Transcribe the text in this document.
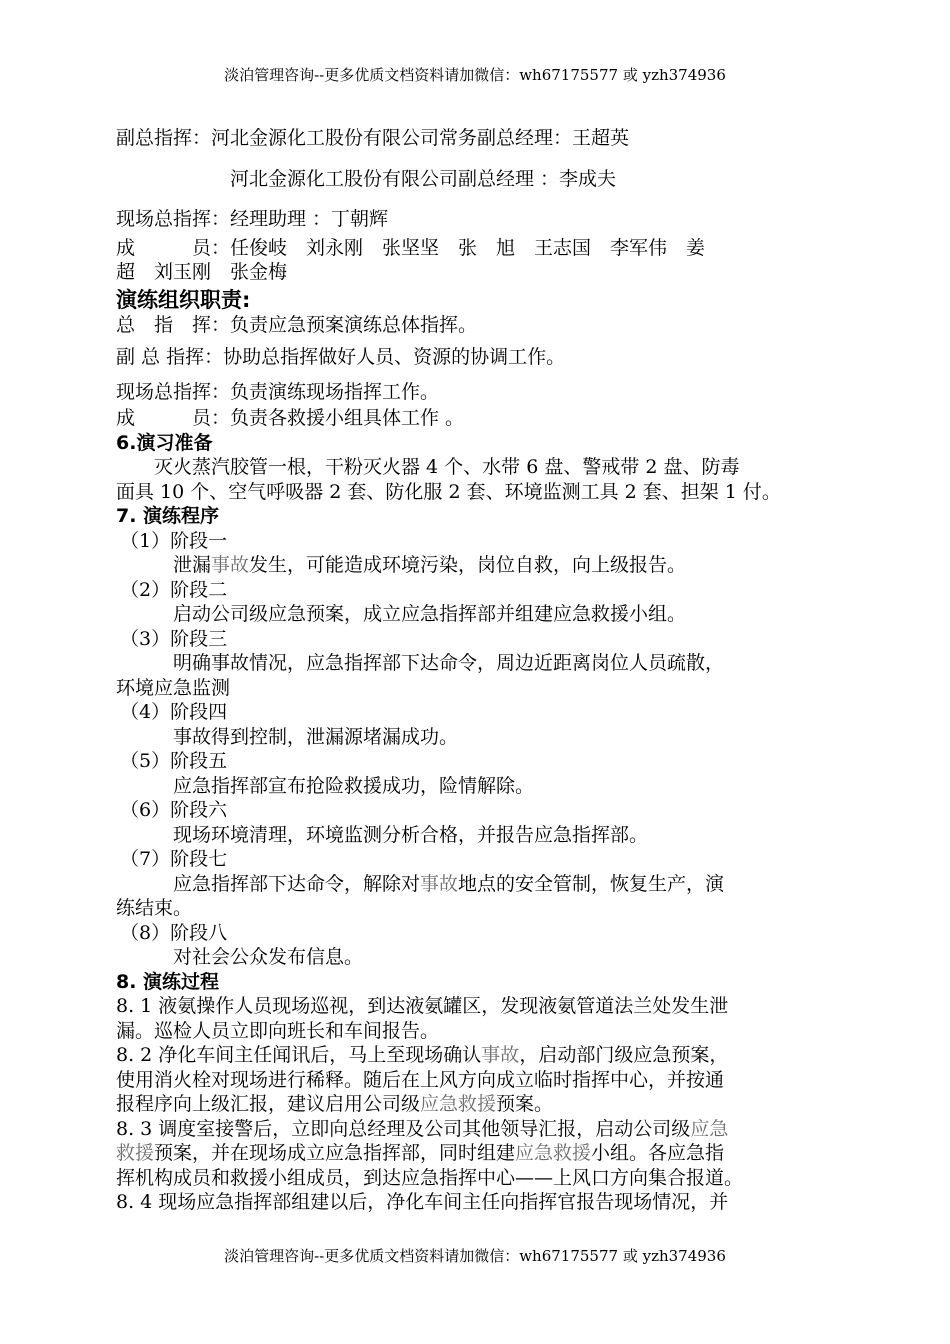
淡泊管理咨询--更多优质文档资料请加微信：wh67175577 或 yzh374936
副总指挥：河北金源化工股份有限公司常务副总经理：王超英
河北金源化工股份有限公司副总经理 ：李成夫
现场总指挥：经理助理 ：丁朝辉
成　　　员：任俊岐　刘永刚　张坚坚　张　旭　王志国　李军伟　姜
超　刘玉刚　张金梅
演练组织职责:
总　指　挥：负责应急预案演练总体指挥。
副 总 指挥：协助总指挥做好人员、资源的协调工作。
现场总指挥：负责演练现场指挥工作。
成　　　员：负责各救援小组具体工作 。
6.演习准备
灭火蒸汽胶管一根，干粉灭火器 4 个、水带 6 盘、警戒带 2 盘、防毒
面具 10 个、空气呼吸器 2 套、防化服 2 套、环境监测工具 2 套、担架 1 付。
7. 演练程序
（1）阶段一
泄漏事故发生，可能造成环境污染，岗位自救，向上级报告。
（2）阶段二
启动公司级应急预案，成立应急指挥部并组建应急救援小组。
（3）阶段三
明确事故情况，应急指挥部下达命令，周边近距离岗位人员疏散，
环境应急监测
（4）阶段四
事故得到控制，泄漏源堵漏成功。
（5）阶段五
应急指挥部宣布抢险救援成功，险情解除。
（6）阶段六
现场环境清理，环境监测分析合格，并报告应急指挥部。
（7）阶段七
应急指挥部下达命令，解除对事故地点的安全管制，恢复生产，演
练结束。
（8）阶段八
对社会公众发布信息。
8. 演练过程
8. 1 液氨操作人员现场巡视，到达液氨罐区，发现液氨管道法兰处发生泄
漏。巡检人员立即向班长和车间报告。
8. 2 净化车间主任闻讯后，马上至现场确认事故，启动部门级应急预案，
使用消火栓对现场进行稀释。随后在上风方向成立临时指挥中心，并按通
报程序向上级汇报，建议启用公司级应急救援预案。
8. 3 调度室接警后，立即向总经理及公司其他领导汇报，启动公司级应急
救援预案，并在现场成立应急指挥部，同时组建应急救援小组。各应急指
挥机构成员和救援小组成员，到达应急指挥中心——上风口方向集合报道。
8. 4 现场应急指挥部组建以后，净化车间主任向指挥官报告现场情况，并
淡泊管理咨询--更多优质文档资料请加微信：wh67175577 或 yzh374936
